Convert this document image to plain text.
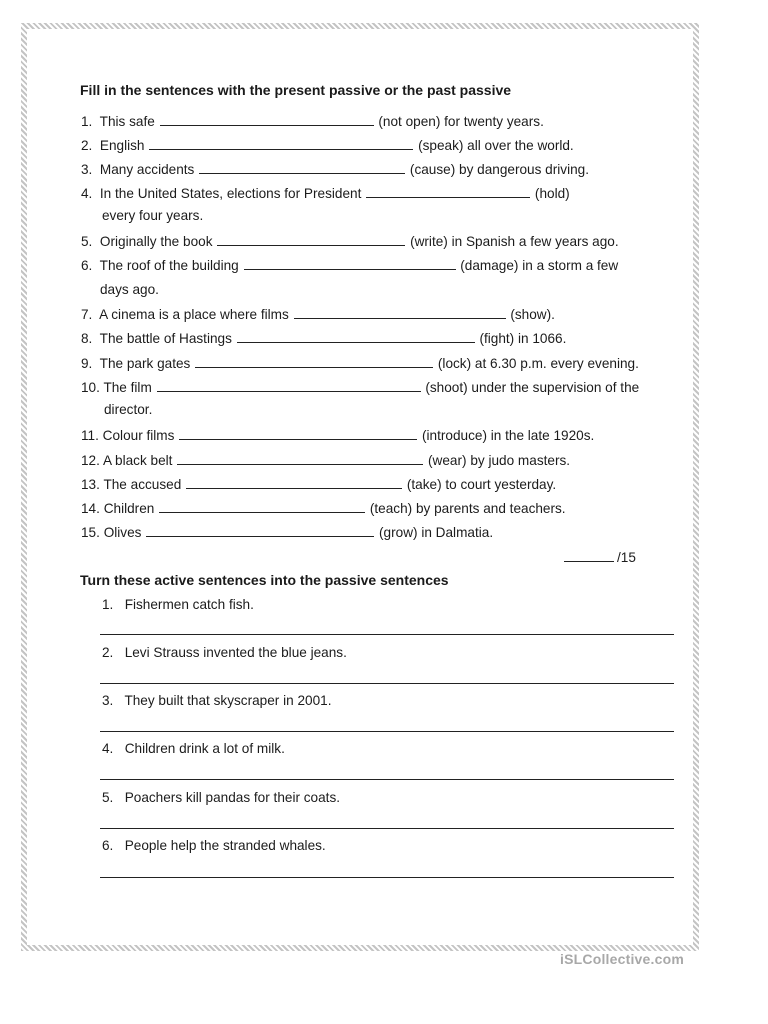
Fill in the sentences with the present passive or the past passive
1. This safe	(not open) for twenty years.
2. English	(speak) all over the world.
3. Many accidents	(cause) by dangerous driving.
4. In the United States, elections for President	(hold)
every four years.
5. Originally the book	(write) in Spanish a few years ago.
6. The roof of the building	(damage) in a storm a few
days ago.
7. A cinema is a place where films	(show).
8. The battle of Hastings	(fight) in 1066.
9. The park gates	(lock) at 6.30 p.m. every evening.
10. The film	(shoot) under the supervision of the
director.
11. Colour films	(introduce) in the late 1920s.
12. A black belt	(wear) by judo masters.
13. The accused	(take) to court yesterday.
14. Children	(teach) by parents and teachers.
15. Olives	(grow) in Dalmatia.
/15
Turn these active sentences into the passive sentences
1. Fishermen catch fish.
2. Levi Strauss invented the blue jeans.
3. They built that skyscraper in 2001.
4. Children drink a lot of milk.
5. Poachers kill pandas for their coats.
6. People help the stranded whales.
iSLCollective.com
